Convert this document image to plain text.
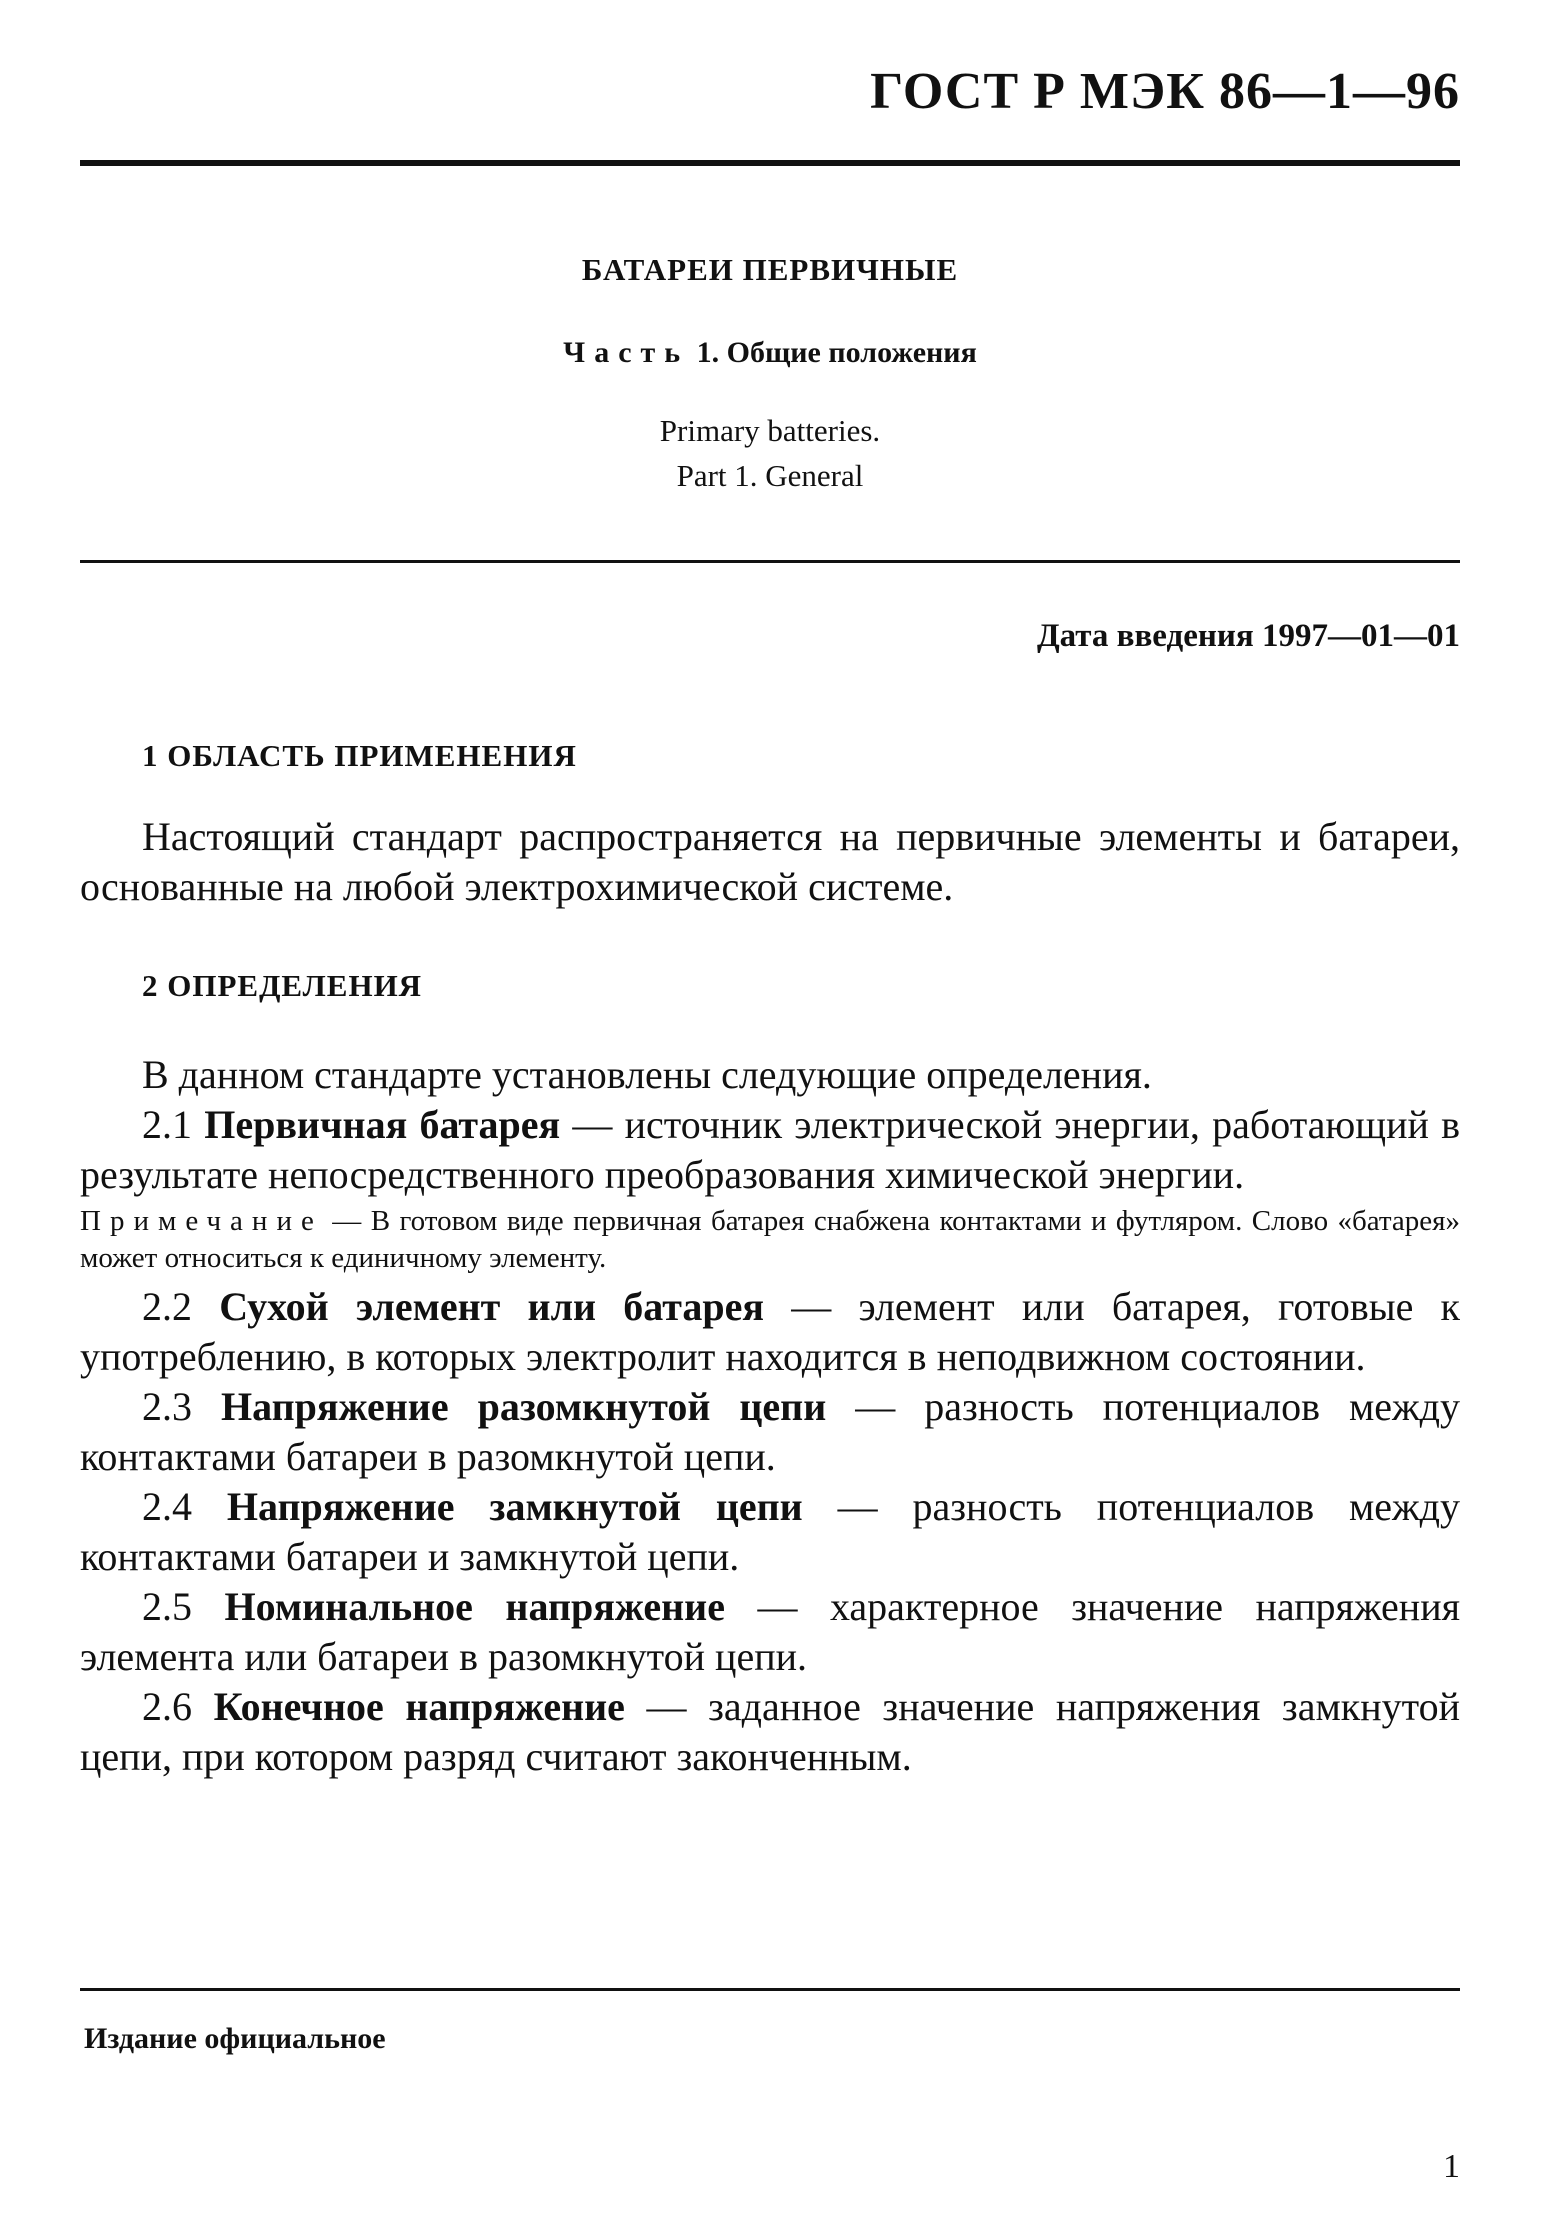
ГОСТ Р МЭК 86—1—96
БАТАРЕИ ПЕРВИЧНЫЕ
Часть 1. Общие положения
Primary batteries.
Part 1. General
Дата введения 1997—01—01
1 ОБЛАСТЬ ПРИМЕНЕНИЯ

Настоящий стандарт распространяется на первичные элементы и батареи, основанные на любой электрохимической системе.

2 ОПРЕДЕЛЕНИЯ

В данном стандарте установлены следующие определения.

2.1 Первичная батарея — источник электрической энергии, работающий в результате непосредственного преобразования химической энергии.

Примечание — В готовом виде первичная батарея снабжена контактами и футляром. Слово «батарея» может относиться к единичному элементу.

2.2 Сухой элемент или батарея — элемент или батарея, готовые к употреблению, в которых электролит находится в неподвижном состоянии.

2.3 Напряжение разомкнутой цепи — разность потенциалов между контактами батареи в разомкнутой цепи.

2.4 Напряжение замкнутой цепи — разность потенциалов между контактами батареи и замкнутой цепи.

2.5 Номинальное напряжение — характерное значение напряжения элемента или батареи в разомкнутой цепи.

2.6 Конечное напряжение — заданное значение напряжения замкнутой цепи, при котором разряд считают законченным.

Издание официальное
1
